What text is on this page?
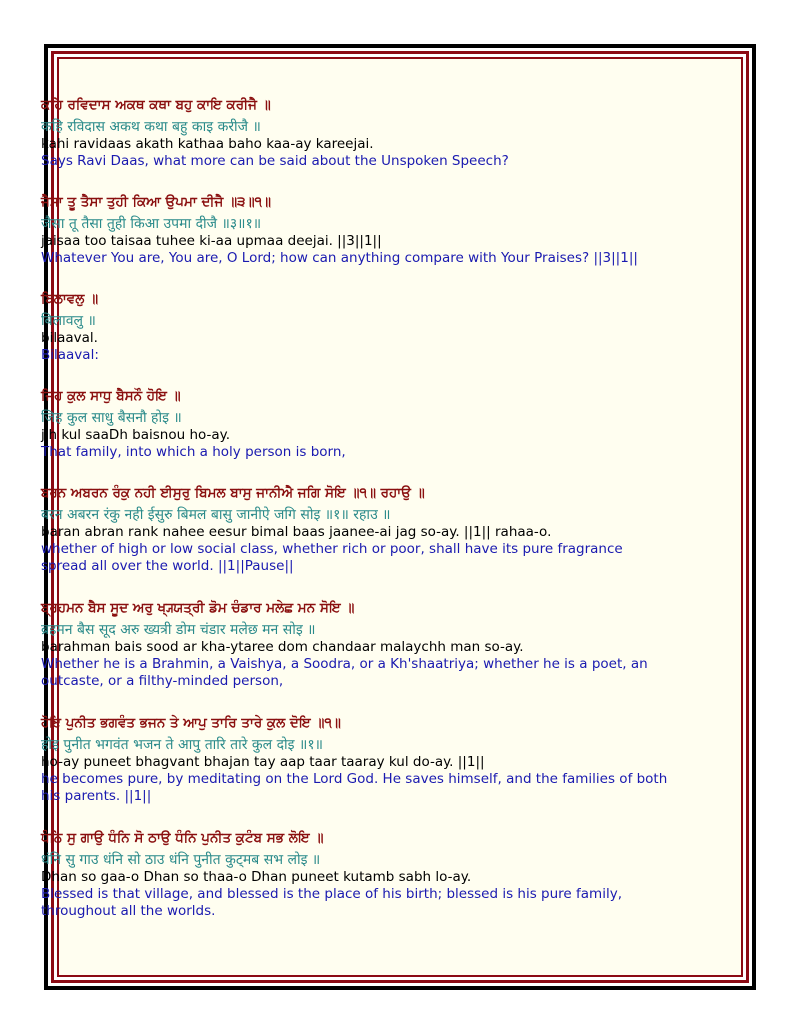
ਕਹਿ ਰਵਿਦਾਸ ਅਕਥ ਕਥਾ ਬਹੁ ਕਾਇ ਕਰੀਜੈ ॥

कहि रविदास अकथ कथा बहु काइ करीजै ॥

kahi ravidaas akath kathaa baho kaa-ay kareejai.

Says Ravi Daas, what more can be said about the Unspoken Speech?

ਜੈਸਾ ਤੂ ਤੈਸਾ ਤੁਹੀ ਕਿਆ ਉਪਮਾ ਦੀਜੈ ॥੩॥੧॥

जैसा तू तैसा तुही किआ उपमा दीजै ॥३॥१॥

jaisaa too taisaa tuhee ki-aa upmaa deejai. ||3||1||

Whatever You are, You are, O Lord; how can anything compare with Your Praises? ||3||1||

ਬਿਲਾਵਲੁ ॥

बिलावलु ॥

bilaaval.

Bilaaval:

ਜਿਹ ਕੁਲ ਸਾਧੁ ਬੈਸਨੌ ਹੋਇ ॥

जिह कुल साधु बैसनौ होइ ॥

jih kul saaDh baisnou ho-ay.

That family, into which a holy person is born,

ਬਰਨ ਅਬਰਨ ਰੰਕੁ ਨਹੀ ਈਸੁਰੁ ਬਿਮਲ ਬਾਸੁ ਜਾਨੀਐ ਜਗਿ ਸੋਇ ॥੧॥ ਰਹਾਉ ॥

बरन अबरन रंकु नही ईसुरु बिमल बासु जानीऐ जगि सोइ ॥१॥ रहाउ ॥

baran abran rank nahee eesur bimal baas jaanee-ai jag so-ay. ||1|| rahaa-o.

whether of high or low social class, whether rich or poor, shall have its pure fragrance spread all over the world. ||1||Pause||

ਬ੍ਰਹਮਨ ਬੈਸ ਸੂਦ ਅਰੁ ਖ੍ਯ੍ਯਤ੍ਰੀ ਡੋਮ ਚੰਡਾਰ ਮਲੇਛ ਮਨ ਸੋਇ ॥

ब्रहमन बैस सूद अरु ख्यत्री डोम चंडार मलेछ मन सोइ ॥

barahman bais sood ar kha-ytaree dom chandaar malaychh man so-ay.

Whether he is a Brahmin, a Vaishya, a Soodra, or a Kh'shaatriya; whether he is a poet, an outcaste, or a filthy-minded person,

ਹੋਇ ਪੁਨੀਤ ਭਗਵੰਤ ਭਜਨ ਤੇ ਆਪੁ ਤਾਰਿ ਤਾਰੇ ਕੁਲ ਦੋਇ ॥੧॥

होइ पुनीत भगवंत भजन ते आपु तारि तारे कुल दोइ ॥१॥

ho-ay puneet bhagvant bhajan tay aap taar taaray kul do-ay. ||1||

he becomes pure, by meditating on the Lord God. He saves himself, and the families of both his parents. ||1||

ਧੰਨਿ ਸੁ ਗਾਉ ਧੰਨਿ ਸੋ ਠਾਉ ਧੰਨਿ ਪੁਨੀਤ ਕੁਟੰਬ ਸਭ ਲੋਇ ॥

धंनि सु गाउ धंनि सो ठाउ धंनि पुनीत कुट्मब सभ लोइ ॥

Dhan so gaa-o Dhan so thaa-o Dhan puneet kutamb sabh lo-ay.

Blessed is that village, and blessed is the place of his birth; blessed is his pure family, throughout all the worlds.
